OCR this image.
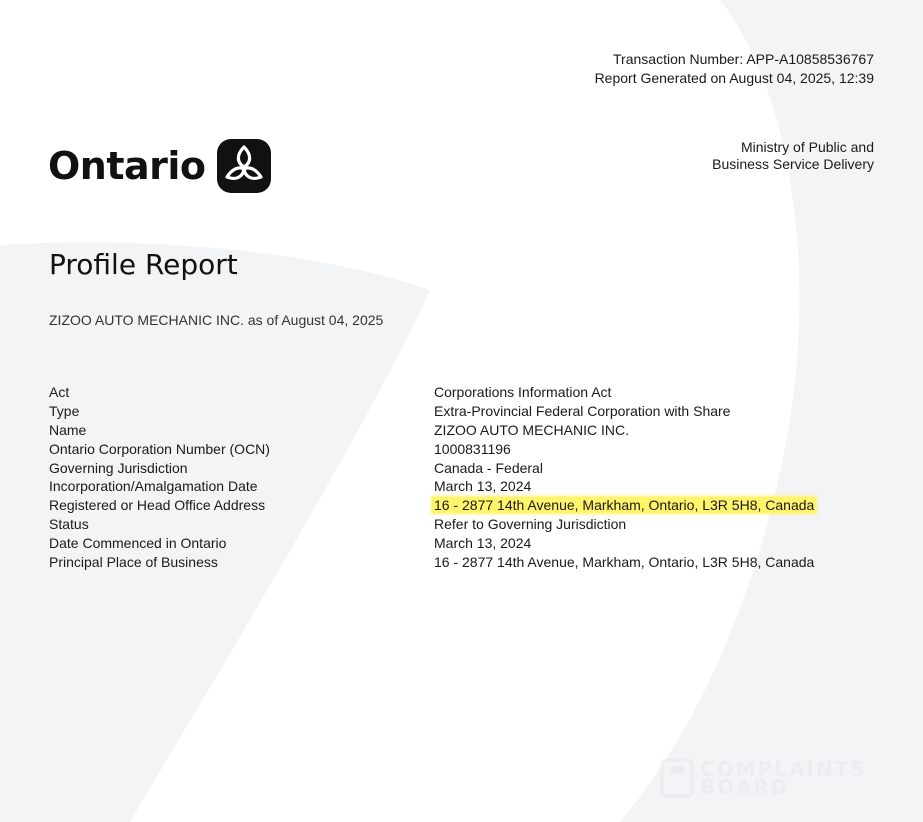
Transaction Number: APP-A10858536767
Report Generated on August 04, 2025, 12:39
Ministry of Public and
Business Service Delivery
Ontario
Profile Report
ZIZOO AUTO MECHANIC INC. as of August 04, 2025
Act	Corporations Information Act
Type	Extra-Provincial Federal Corporation with Share
Name	ZIZOO AUTO MECHANIC INC.
Ontario Corporation Number (OCN)	1000831196
Governing Jurisdiction	Canada - Federal
Incorporation/Amalgamation Date	March 13, 2024
Registered or Head Office Address	16 - 2877 14th Avenue, Markham, Ontario, L3R 5H8, Canada
Status	Refer to Governing Jurisdiction
Date Commenced in Ontario	March 13, 2024
Principal Place of Business	16 - 2877 14th Avenue, Markham, Ontario, L3R 5H8, Canada
COMPLAINTS
BOARD
